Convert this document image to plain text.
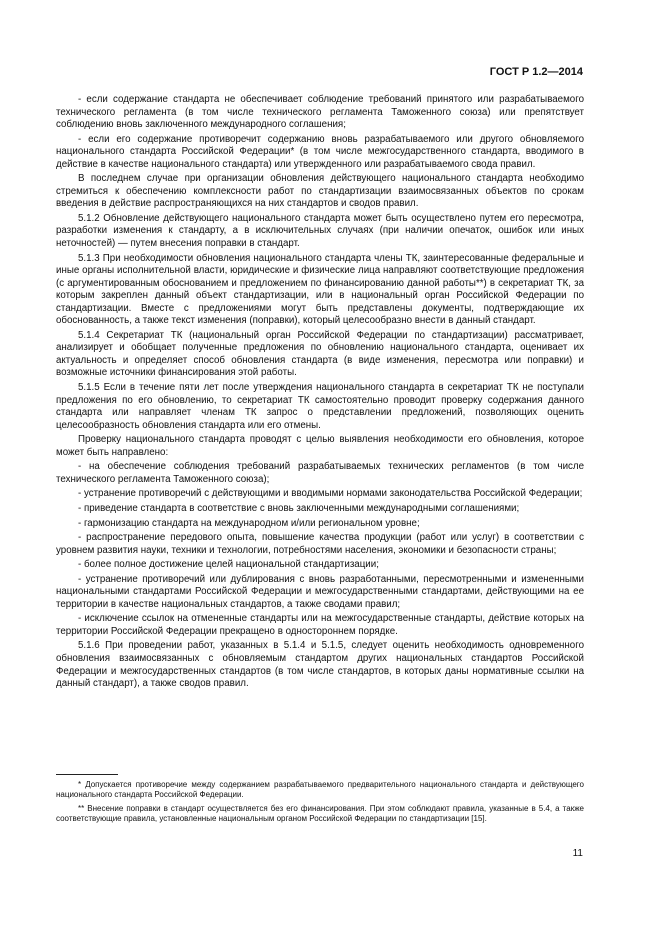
ГОСТ Р 1.2—2014

- если содержание стандарта не обеспечивает соблюдение требований принятого или разрабатываемого технического регламента (в том числе технического регламента Таможенного союза) или препятствует соблюдению вновь заключенного международного соглашения;

- если его содержание противоречит содержанию вновь разрабатываемого или другого обновляемого национального стандарта Российской Федерации* (в том числе межгосударственного стандарта, вводимого в действие в качестве национального стандарта) или утвержденного или разрабатываемого свода правил.

В последнем случае при организации обновления действующего национального стандарта необходимо стремиться к обеспечению комплексности работ по стандартизации взаимосвязанных объектов по срокам введения в действие распространяющихся на них стандартов и сводов правил.

5.1.2 Обновление действующего национального стандарта может быть осуществлено путем его пересмотра, разработки изменения к стандарту, а в исключительных случаях (при наличии опечаток, ошибок или иных неточностей) — путем внесения поправки в стандарт.

5.1.3 При необходимости обновления национального стандарта члены ТК, заинтересованные федеральные и иные органы исполнительной власти, юридические и физические лица направляют соответствующие предложения (с аргументированным обоснованием и предложением по финансированию данной работы**) в секретариат ТК, за которым закреплен данный объект стандартизации, или в национальный орган Российской Федерации по стандартизации. Вместе с предложениями могут быть представлены документы, подтверждающие их обоснованность, а также текст изменения (поправки), который целесообразно внести в данный стандарт.

5.1.4 Секретариат ТК (национальный орган Российской Федерации по стандартизации) рассматривает, анализирует и обобщает полученные предложения по обновлению национального стандарта, оценивает их актуальность и определяет способ обновления стандарта (в виде изменения, пересмотра или поправки) и возможные источники финансирования этой работы.

5.1.5 Если в течение пяти лет после утверждения национального стандарта в секретариат ТК не поступали предложения по его обновлению, то секретариат ТК самостоятельно проводит проверку содержания данного стандарта или направляет членам ТК запрос о представлении предложений, позволяющих оценить целесообразность обновления стандарта или его отмены.

Проверку национального стандарта проводят с целью выявления необходимости его обновления, которое может быть направлено:

- на обеспечение соблюдения требований разрабатываемых технических регламентов (в том числе технического регламента Таможенного союза);

- устранение противоречий с действующими и вводимыми нормами законодательства Российской Федерации;

- приведение стандарта в соответствие с вновь заключенными международными соглашениями;

- гармонизацию стандарта на международном и/или региональном уровне;

- распространение передового опыта, повышение качества продукции (работ или услуг) в соответствии с уровнем развития науки, техники и технологии, потребностями населения, экономики и безопасности страны;

- более полное достижение целей национальной стандартизации;

- устранение противоречий или дублирования с вновь разработанными, пересмотренными и измененными национальными стандартами Российской Федерации и межгосударственными стандартами, действующими на ее территории в качестве национальных стандартов, а также сводами правил;

- исключение ссылок на отмененные стандарты или на межгосударственные стандарты, действие которых на территории Российской Федерации прекращено в одностороннем порядке.

5.1.6 При проведении работ, указанных в 5.1.4 и 5.1.5, следует оценить необходимость одновременного обновления взаимосвязанных с обновляемым стандартом других национальных стандартов Российской Федерации и межгосударственных стандартов (в том числе стандартов, в которых даны нормативные ссылки на данный стандарт), а также сводов правил.

* Допускается противоречие между содержанием разрабатываемого предварительного национального стандарта и действующего национального стандарта Российской Федерации.

** Внесение поправки в стандарт осуществляется без его финансирования. При этом соблюдают правила, указанные в 5.4, а также соответствующие правила, установленные национальным органом Российской Федерации по стандартизации [15].

11
